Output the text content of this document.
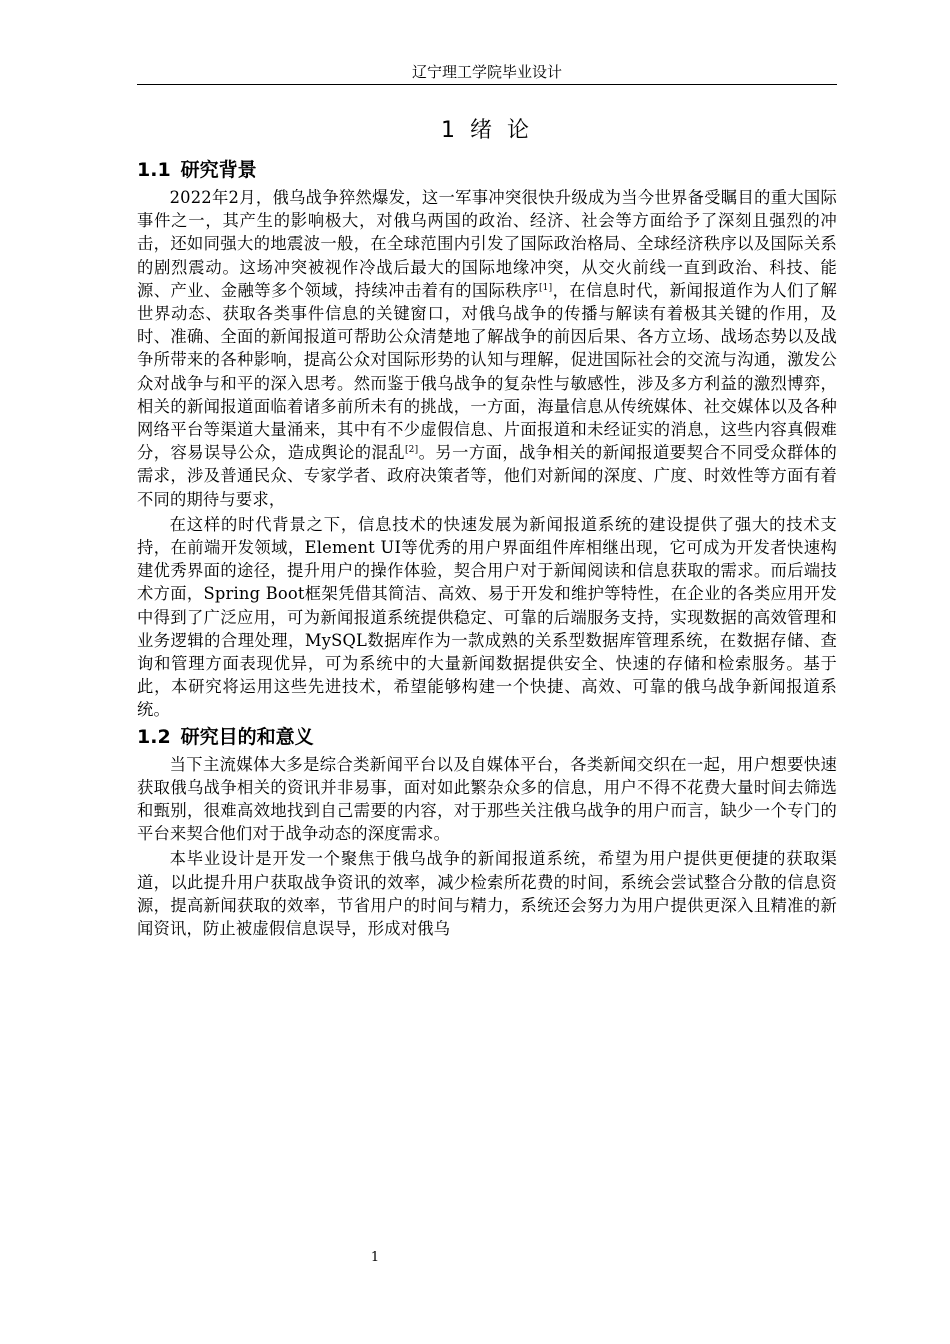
辽宁理工学院毕业设计
1 绪 论
1.1 研究背景

2022年2月，俄乌战争猝然爆发，这一军事冲突很快升级成为当今世界备受瞩目的重大国际事件之一，其产生的影响极大，对俄乌两国的政治、经济、社会等方面给予了深刻且强烈的冲击，还如同强大的地震波一般，在全球范围内引发了国际政治格局、全球经济秩序以及国际关系的剧烈震动。这场冲突被视作冷战后最大的国际地缘冲突，从交火前线一直到政治、科技、能源、产业、金融等多个领域，持续冲击着有的国际秩序[1]，在信息时代，新闻报道作为人们了解世界动态、获取各类事件信息的关键窗口，对俄乌战争的传播与解读有着极其关键的作用，及时、准确、全面的新闻报道可帮助公众清楚地了解战争的前因后果、各方立场、战场态势以及战争所带来的各种影响，提高公众对国际形势的认知与理解，促进国际社会的交流与沟通，激发公众对战争与和平的深入思考。然而鉴于俄乌战争的复杂性与敏感性，涉及多方利益的激烈博弈，相关的新闻报道面临着诸多前所未有的挑战，一方面，海量信息从传统媒体、社交媒体以及各种网络平台等渠道大量涌来，其中有不少虚假信息、片面报道和未经证实的消息，这些内容真假难分，容易误导公众，造成舆论的混乱[2]。另一方面，战争相关的新闻报道要契合不同受众群体的需求，涉及普通民众、专家学者、政府决策者等，他们对新闻的深度、广度、时效性等方面有着不同的期待与要求，

在这样的时代背景之下，信息技术的快速发展为新闻报道系统的建设提供了强大的技术支持，在前端开发领域，Element UI等优秀的用户界面组件库相继出现，它可成为开发者快速构建优秀界面的途径，提升用户的操作体验，契合用户对于新闻阅读和信息获取的需求。而后端技术方面，Spring Boot框架凭借其简洁、高效、易于开发和维护等特性，在企业的各类应用开发中得到了广泛应用，可为新闻报道系统提供稳定、可靠的后端服务支持，实现数据的高效管理和业务逻辑的合理处理，MySQL数据库作为一款成熟的关系型数据库管理系统，在数据存储、查询和管理方面表现优异，可为系统中的大量新闻数据提供安全、快速的存储和检索服务。基于此，本研究将运用这些先进技术，希望能够构建一个快捷、高效、可靠的俄乌战争新闻报道系统。

1.2 研究目的和意义

当下主流媒体大多是综合类新闻平台以及自媒体平台，各类新闻交织在一起，用户想要快速获取俄乌战争相关的资讯并非易事，面对如此繁杂众多的信息，用户不得不花费大量时间去筛选和甄别，很难高效地找到自己需要的内容，对于那些关注俄乌战争的用户而言，缺少一个专门的平台来契合他们对于战争动态的深度需求。

本毕业设计是开发一个聚焦于俄乌战争的新闻报道系统，希望为用户提供更便捷的获取渠道，以此提升用户获取战争资讯的效率，减少检索所花费的时间，系统会尝试整合分散的信息资源，提高新闻获取的效率，节省用户的时间与精力，系统还会努力为用户提供更深入且精准的新闻资讯，防止被虚假信息误导，形成对俄乌

1
